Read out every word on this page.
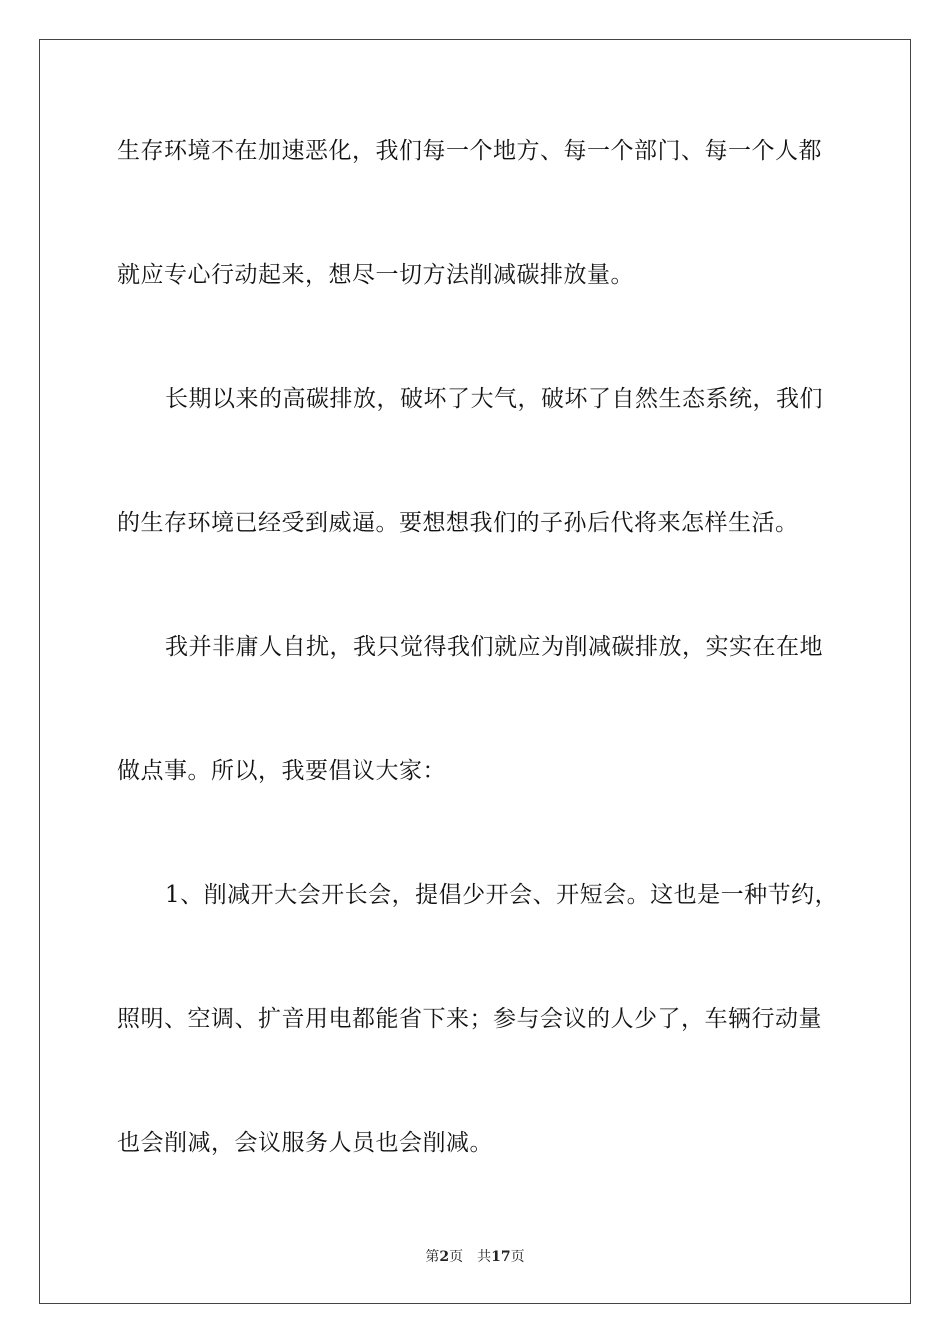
生存环境不在加速恶化，我们每一个地方、每一个部门、每一个人都
就应专心行动起来，想尽一切方法削减碳排放量。
长期以来的高碳排放，破坏了大气，破坏了自然生态系统，我们
的生存环境已经受到威逼。要想想我们的子孙后代将来怎样生活。
我并非庸人自扰，我只觉得我们就应为削减碳排放，实实在在地
做点事。所以，我要倡议大家：
1、削减开大会开长会，提倡少开会、开短会。这也是一种节约，
照明、空调、扩音用电都能省下来；参与会议的人少了，车辆行动量
也会削减，会议服务人员也会削减。
第2页 共17页
